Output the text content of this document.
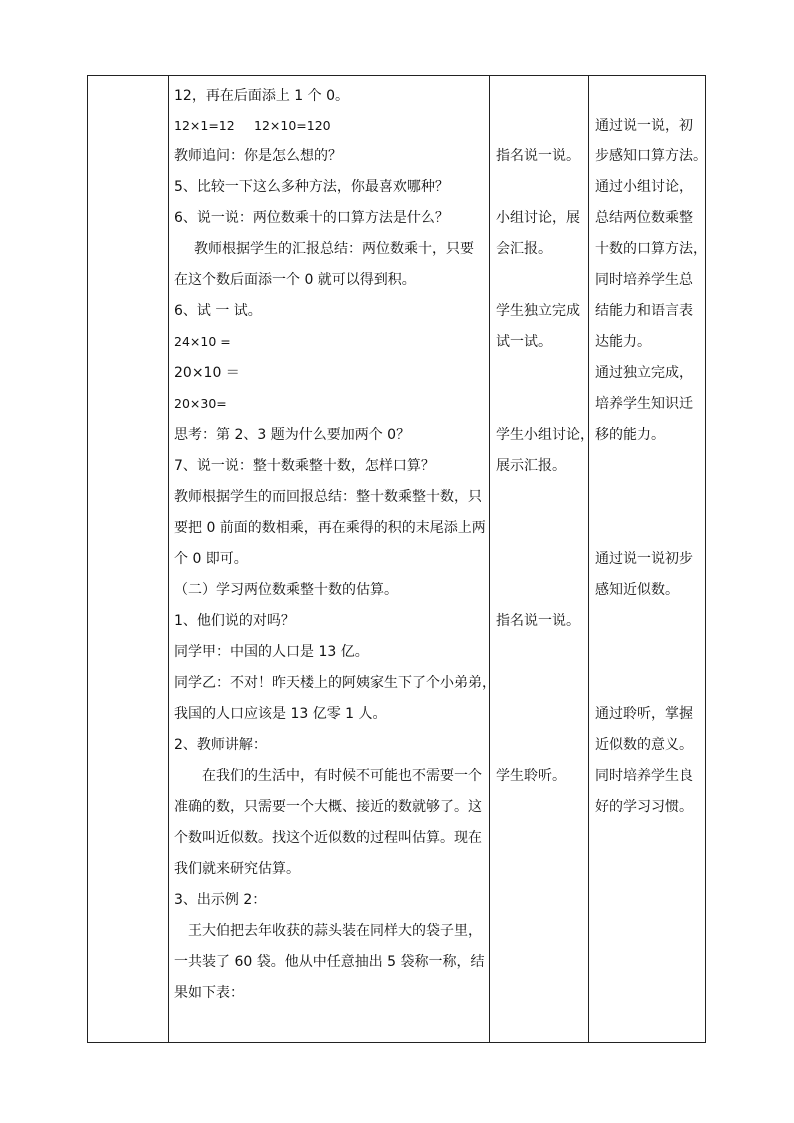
12，再在后面添上 1 个 0。
12×1=12 12×10=120
教师追问：你是怎么想的？
5、比较一下这么多种方法，你最喜欢哪种？
6、说一说：两位数乘十的口算方法是什么？
教师根据学生的汇报总结：两位数乘十，只要
在这个数后面添一个 0 就可以得到积。
6、试 一 试。
24×10 =
20×10 ＝
20×30=
思考：第 2、3 题为什么要加两个 0？
7、说一说：整十数乘整十数，怎样口算？
教师根据学生的而回报总结：整十数乘整十数，只
要把 0 前面的数相乘，再在乘得的积的末尾添上两
个 0 即可。
（二）学习两位数乘整十数的估算。
1、他们说的对吗？
同学甲：中国的人口是 13 亿。
同学乙：不对！昨天楼上的阿姨家生下了个小弟弟，
我国的人口应该是 13 亿零 1 人。
2、教师讲解：
在我们的生活中，有时候不可能也不需要一个
准确的数，只需要一个大概、接近的数就够了。这
个数叫近似数。找这个近似数的过程叫估算。现在
我们就来研究估算。
3、出示例 2：
王大伯把去年收获的蒜头装在同样大的袋子里，
一共装了 60 袋。他从中任意抽出 5 袋称一称，结
果如下表：
指名说一说。
小组讨论，展
会汇报。
学生独立完成
试一试。
学生小组讨论，
展示汇报。
指名说一说。
学生聆听。
通过说一说，初
步感知口算方法。
通过小组讨论，
总结两位数乘整
十数的口算方法，
同时培养学生总
结能力和语言表
达能力。
通过独立完成，
培养学生知识迁
移的能力。
通过说一说初步
感知近似数。
通过聆听，掌握
近似数的意义。
同时培养学生良
好的学习习惯。
